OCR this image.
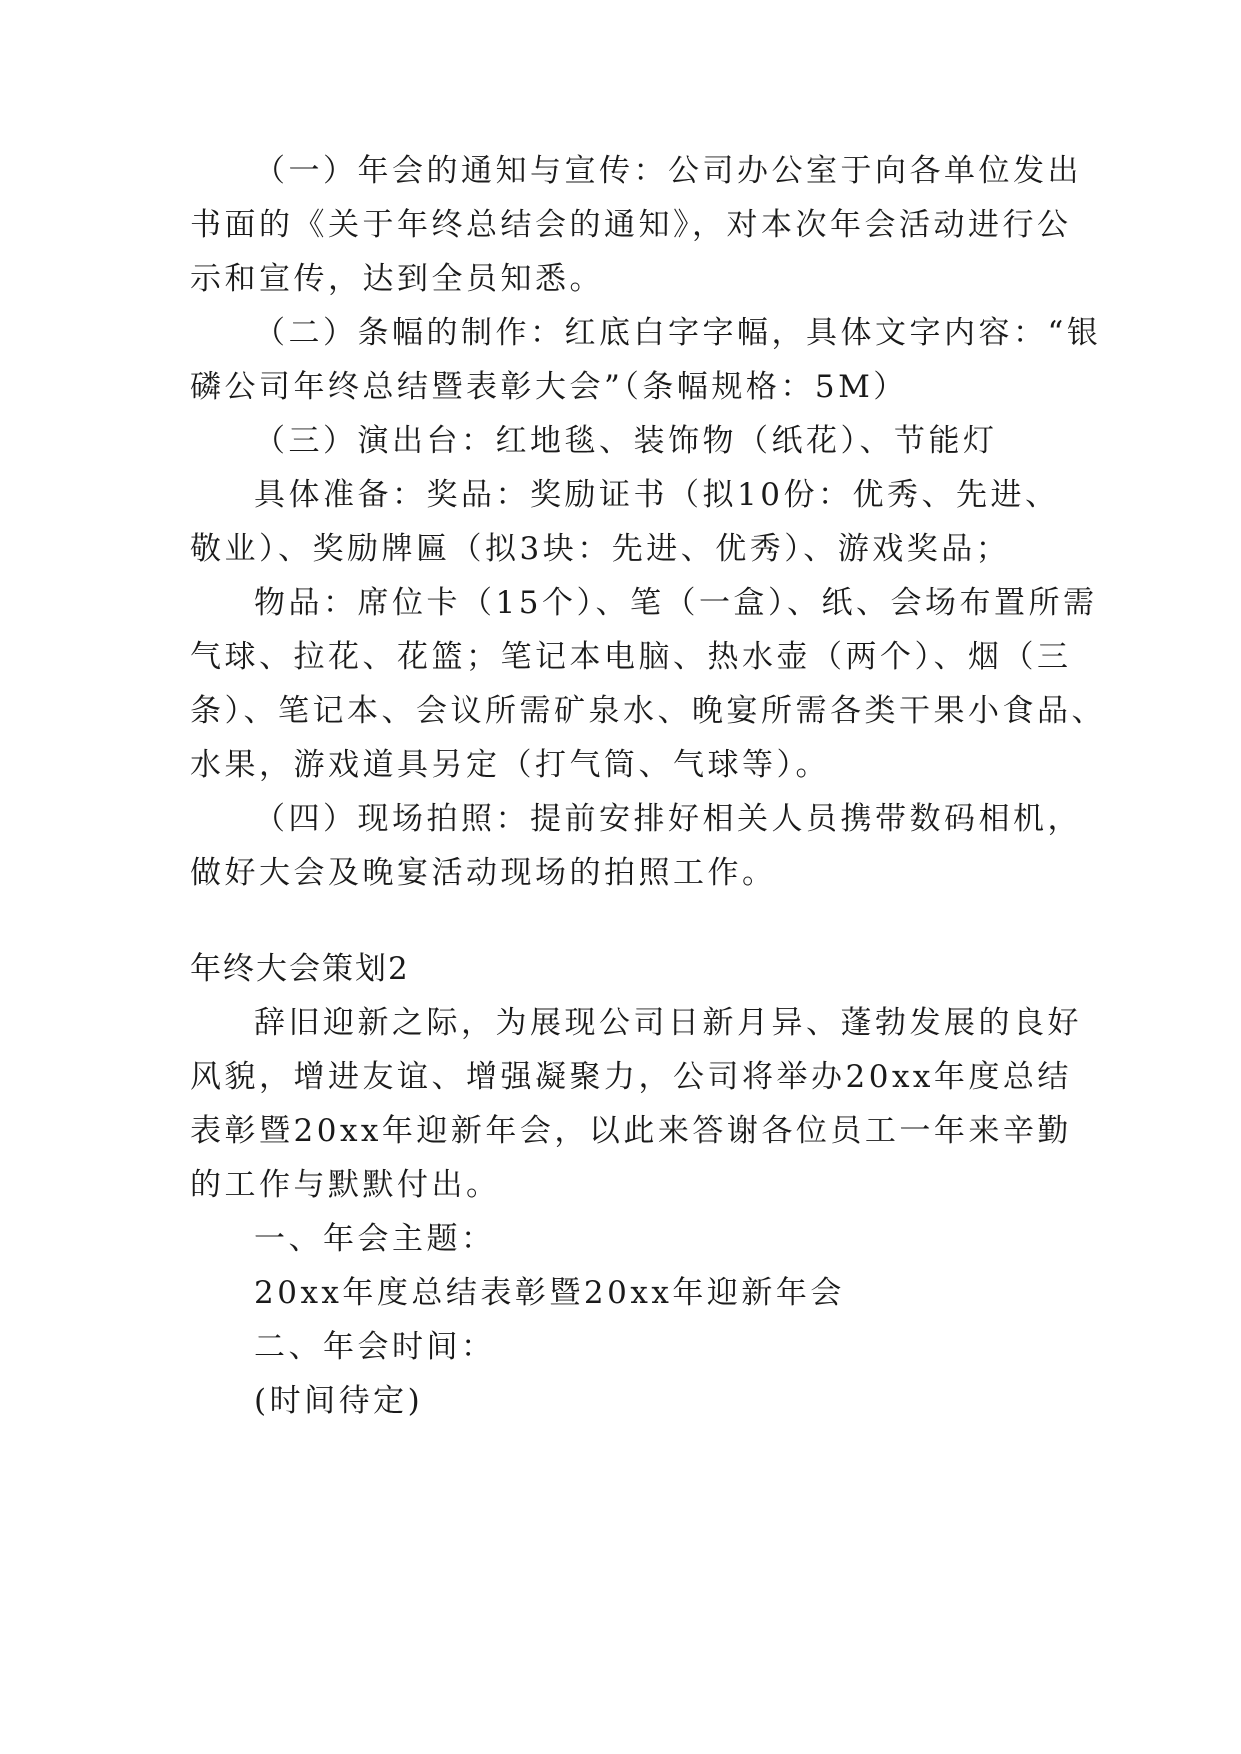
（一）年会的通知与宣传：公司办公室于向各单位发出
书面的《关于年终总结会的通知》，对本次年会活动进行公
示和宣传，达到全员知悉。
（二）条幅的制作：红底白字字幅，具体文字内容：“银
磷公司年终总结暨表彰大会”（条幅规格：5M）
（三）演出台：红地毯、装饰物（纸花）、节能灯
具体准备：奖品：奖励证书（拟10份：优秀、先进、
敬业）、奖励牌匾（拟3块：先进、优秀）、游戏奖品；
物品：席位卡（15个）、笔（一盒）、纸、会场布置所需
气球、拉花、花篮；笔记本电脑、热水壶（两个）、烟（三
条）、笔记本、会议所需矿泉水、晚宴所需各类干果小食品、
水果，游戏道具另定（打气筒、气球等）。
（四）现场拍照：提前安排好相关人员携带数码相机，
做好大会及晚宴活动现场的拍照工作。
年终大会策划2
辞旧迎新之际，为展现公司日新月异、蓬勃发展的良好
风貌，增进友谊、增强凝聚力，公司将举办20xx年度总结
表彰暨20xx年迎新年会，以此来答谢各位员工一年来辛勤
的工作与默默付出。
一、年会主题：
20xx年度总结表彰暨20xx年迎新年会
二、年会时间：
(时间待定)
